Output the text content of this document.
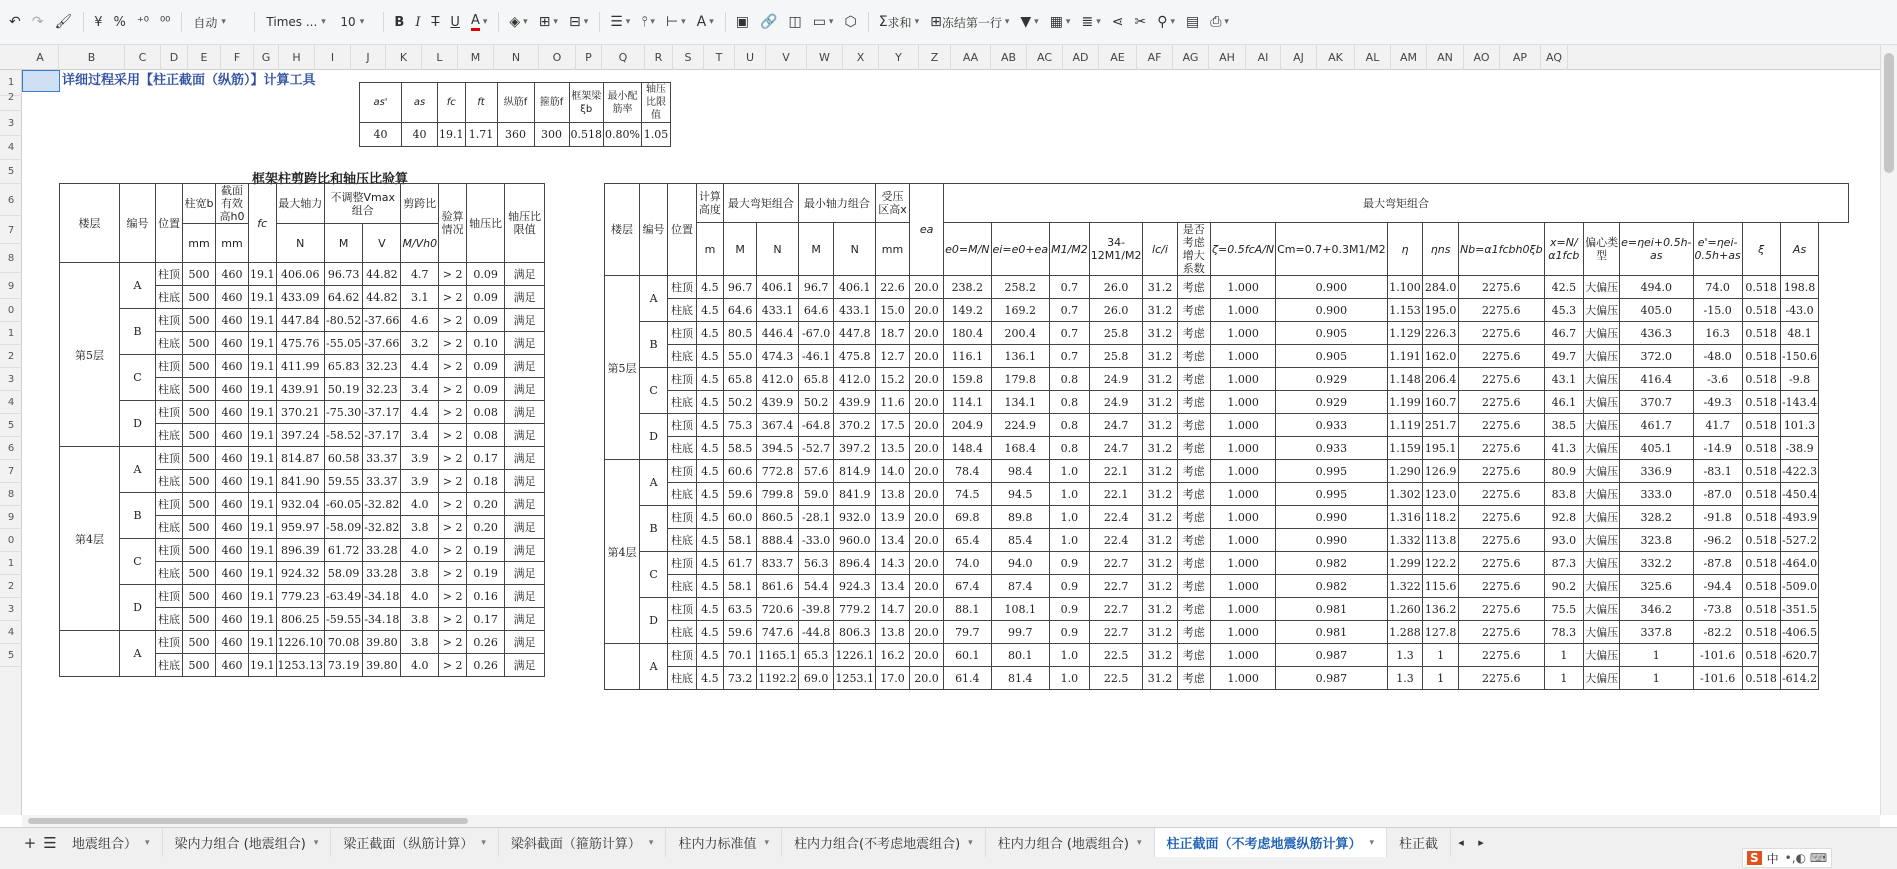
↶ ↷ 🖌	¥ % ⁺⁰ ⁰⁰	自动 ▾	Times ... ▾	10 ▾	B I T U A
▾ ◈
▾ ⊞
▾ ⊟
▾ ☰
▾ ⫯
▾ ⊢
▾ A
▾ ▣ 🔗 ◫ ▭
▾ ⬡ Σ 求和
▾ ⊞ 冻结第一行
▾ ▼
▾ ▦
▾ ≣
▾ ⋖ ✂ ⚲
▾ ▤ ⎙
▾
A	B	C	D	E	F	G	H	I	J	K	L	M	N	O	P	Q	R	S	T	U	V	W	X	Y	Z	AA	AB	AC	AD	AE	AF	AG	AH	AI	AJ	AK	AL	AM	AN	AO	AP	AQ
1
2
3
4
5
6
7
8
9
0
1
2
3
4
5
6
7
8
9
0
1
2
3
4
5
详细过程采用【柱正截面（纵筋）】计算工具
as'	as	fc	ft	纵筋f	箍筋f	框架梁ξb	最小配筋率	轴压比限值
40	40	19.1	1.71	360	300	0.518	0.80%	1.05
框架柱剪跨比和轴压比验算
楼层	编号	位置	柱宽b	截面有效高h0	fc	最大轴力	不调整Vmax组合		剪跨比	验算情况	轴压比	轴压比限值
			mm	mm		N	M	V	M/Vh0			
第5层	A	柱顶	500	460	19.1	406.06	96.73	44.82	4.7	> 2	0.09	满足
		柱底	500	460	19.1	433.09	64.62	44.82	3.1	> 2	0.09	满足
	B	柱顶	500	460	19.1	447.84	-80.52	-37.66	4.6	> 2	0.09	满足
		柱底	500	460	19.1	475.76	-55.05	-37.66	3.2	> 2	0.10	满足
	C	柱顶	500	460	19.1	411.99	65.83	32.23	4.4	> 2	0.09	满足
		柱底	500	460	19.1	439.91	50.19	32.23	3.4	> 2	0.09	满足
	D	柱顶	500	460	19.1	370.21	-75.30	-37.17	4.4	> 2	0.08	满足
		柱底	500	460	19.1	397.24	-58.52	-37.17	3.4	> 2	0.08	满足
第4层	A	柱顶	500	460	19.1	814.87	60.58	33.37	3.9	> 2	0.17	满足
		柱底	500	460	19.1	841.90	59.55	33.37	3.9	> 2	0.18	满足
	B	柱顶	500	460	19.1	932.04	-60.05	-32.82	4.0	> 2	0.20	满足
		柱底	500	460	19.1	959.97	-58.09	-32.82	3.8	> 2	0.20	满足
	C	柱顶	500	460	19.1	896.39	61.72	33.28	4.0	> 2	0.19	满足
		柱底	500	460	19.1	924.32	58.09	33.28	3.8	> 2	0.19	满足
	D	柱顶	500	460	19.1	779.23	-63.49	-34.18	4.0	> 2	0.16	满足
		柱底	500	460	19.1	806.25	-59.55	-34.18	3.8	> 2	0.17	满足
	A	柱顶	500	460	19.1	1226.10	70.08	39.80	3.8	> 2	0.26	满足
		柱底	500	460	19.1	1253.13	73.19	39.80	4.0	> 2	0.26	满足
楼层	编号	位置	计算高度	最大弯矩组合		最小轴力组合		受压区高x	ea	最大弯矩组合																
			m	M	N	M	N	mm		e0=M/N	ei=e0+ea	M1/M2	34-12M1/M2	lc/i	是否考虑增大系数	ζ=0.5fcA/N	Cm=0.7+0.3M1/M2	η	ηns	Nb=α1fcbh0ξb	x=N/α1fcb	偏心类型	e=ηei+0.5h-as	e'=ηei-0.5h+as	ξ	As
第5层	A	柱顶	4.5	96.7	406.1	96.7	406.1	22.6	20.0	238.2	258.2	0.7	26.0	31.2	考虑	1.000	0.900	1.100	284.0	2275.6	42.5	大偏压	494.0	74.0	0.518	198.8
		柱底	4.5	64.6	433.1	64.6	433.1	15.0	20.0	149.2	169.2	0.7	26.0	31.2	考虑	1.000	0.900	1.153	195.0	2275.6	45.3	大偏压	405.0	-15.0	0.518	-43.0
	B	柱顶	4.5	80.5	446.4	-67.0	447.8	18.7	20.0	180.4	200.4	0.7	25.8	31.2	考虑	1.000	0.905	1.129	226.3	2275.6	46.7	大偏压	436.3	16.3	0.518	48.1
		柱底	4.5	55.0	474.3	-46.1	475.8	12.7	20.0	116.1	136.1	0.7	25.8	31.2	考虑	1.000	0.905	1.191	162.0	2275.6	49.7	大偏压	372.0	-48.0	0.518	-150.6
	C	柱顶	4.5	65.8	412.0	65.8	412.0	15.2	20.0	159.8	179.8	0.8	24.9	31.2	考虑	1.000	0.929	1.148	206.4	2275.6	43.1	大偏压	416.4	-3.6	0.518	-9.8
		柱底	4.5	50.2	439.9	50.2	439.9	11.6	20.0	114.1	134.1	0.8	24.9	31.2	考虑	1.000	0.929	1.199	160.7	2275.6	46.1	大偏压	370.7	-49.3	0.518	-143.4
	D	柱顶	4.5	75.3	367.4	-64.8	370.2	17.5	20.0	204.9	224.9	0.8	24.7	31.2	考虑	1.000	0.933	1.119	251.7	2275.6	38.5	大偏压	461.7	41.7	0.518	101.3
		柱底	4.5	58.5	394.5	-52.7	397.2	13.5	20.0	148.4	168.4	0.8	24.7	31.2	考虑	1.000	0.933	1.159	195.1	2275.6	41.3	大偏压	405.1	-14.9	0.518	-38.9
第4层	A	柱顶	4.5	60.6	772.8	57.6	814.9	14.0	20.0	78.4	98.4	1.0	22.1	31.2	考虑	1.000	0.995	1.290	126.9	2275.6	80.9	大偏压	336.9	-83.1	0.518	-422.3
		柱底	4.5	59.6	799.8	59.0	841.9	13.8	20.0	74.5	94.5	1.0	22.1	31.2	考虑	1.000	0.995	1.302	123.0	2275.6	83.8	大偏压	333.0	-87.0	0.518	-450.4
	B	柱顶	4.5	60.0	860.5	-28.1	932.0	13.9	20.0	69.8	89.8	1.0	22.4	31.2	考虑	1.000	0.990	1.316	118.2	2275.6	92.8	大偏压	328.2	-91.8	0.518	-493.9
		柱底	4.5	58.1	888.4	-33.0	960.0	13.4	20.0	65.4	85.4	1.0	22.4	31.2	考虑	1.000	0.990	1.332	113.8	2275.6	93.0	大偏压	323.8	-96.2	0.518	-527.2
	C	柱顶	4.5	61.7	833.7	56.3	896.4	14.3	20.0	74.0	94.0	0.9	22.7	31.2	考虑	1.000	0.982	1.299	122.2	2275.6	87.3	大偏压	332.2	-87.8	0.518	-464.0
		柱底	4.5	58.1	861.6	54.4	924.3	13.4	20.0	67.4	87.4	0.9	22.7	31.2	考虑	1.000	0.982	1.322	115.6	2275.6	90.2	大偏压	325.6	-94.4	0.518	-509.0
	D	柱顶	4.5	63.5	720.6	-39.8	779.2	14.7	20.0	88.1	108.1	0.9	22.7	31.2	考虑	1.000	0.981	1.260	136.2	2275.6	75.5	大偏压	346.2	-73.8	0.518	-351.5
		柱底	4.5	59.6	747.6	-44.8	806.3	13.8	20.0	79.7	99.7	0.9	22.7	31.2	考虑	1.000	0.981	1.288	127.8	2275.6	78.3	大偏压	337.8	-82.2	0.518	-406.5
	A	柱顶	4.5	70.1	1165.1	65.3	1226.1	16.2	20.0	60.1	80.1	1.0	22.5	31.2	考虑	1.000	0.987	1.3	1	2275.6	1	大偏压	1	-101.6	0.518	-620.7
		柱底	4.5	73.2	1192.2	69.0	1253.1	17.0	20.0	61.4	81.4	1.0	22.5	31.2	考虑	1.000	0.987	1.3	1	2275.6	1	大偏压	1	-101.6	0.518	-614.2
+ ☰ 地震组合） ▾ 梁内力组合 (地震组合) ▾ 梁正截面（纵筋计算） ▾ 梁斜截面（箍筋计算） ▾ 柱内力标准值 ▾ 柱内力组合(不考虑地震组合) ▾ 柱内力组合 (地震组合) ▾ 柱正截面（不考虑地震纵筋计算） ▾ 柱正截	◂	▸
S 中 •,◐ ⌨
